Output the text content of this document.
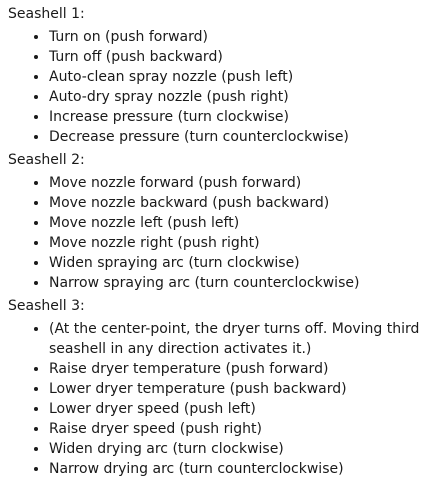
Seashell 1:
• Turn on (push forward)
• Turn off (push backward)
• Auto-clean spray nozzle (push left)
• Auto-dry spray nozzle (push right)
• Increase pressure (turn clockwise)
• Decrease pressure (turn counterclockwise)
Seashell 2:
• Move nozzle forward (push forward)
• Move nozzle backward (push backward)
• Move nozzle left (push left)
• Move nozzle right (push right)
• Widen spraying arc (turn clockwise)
• Narrow spraying arc (turn counterclockwise)
Seashell 3:
• (At the center-point, the dryer turns off. Moving third seashell in any direction activates it.)
• Raise dryer temperature (push forward)
• Lower dryer temperature (push backward)
• Lower dryer speed (push left)
• Raise dryer speed (push right)
• Widen drying arc (turn clockwise)
• Narrow drying arc (turn counterclockwise)
